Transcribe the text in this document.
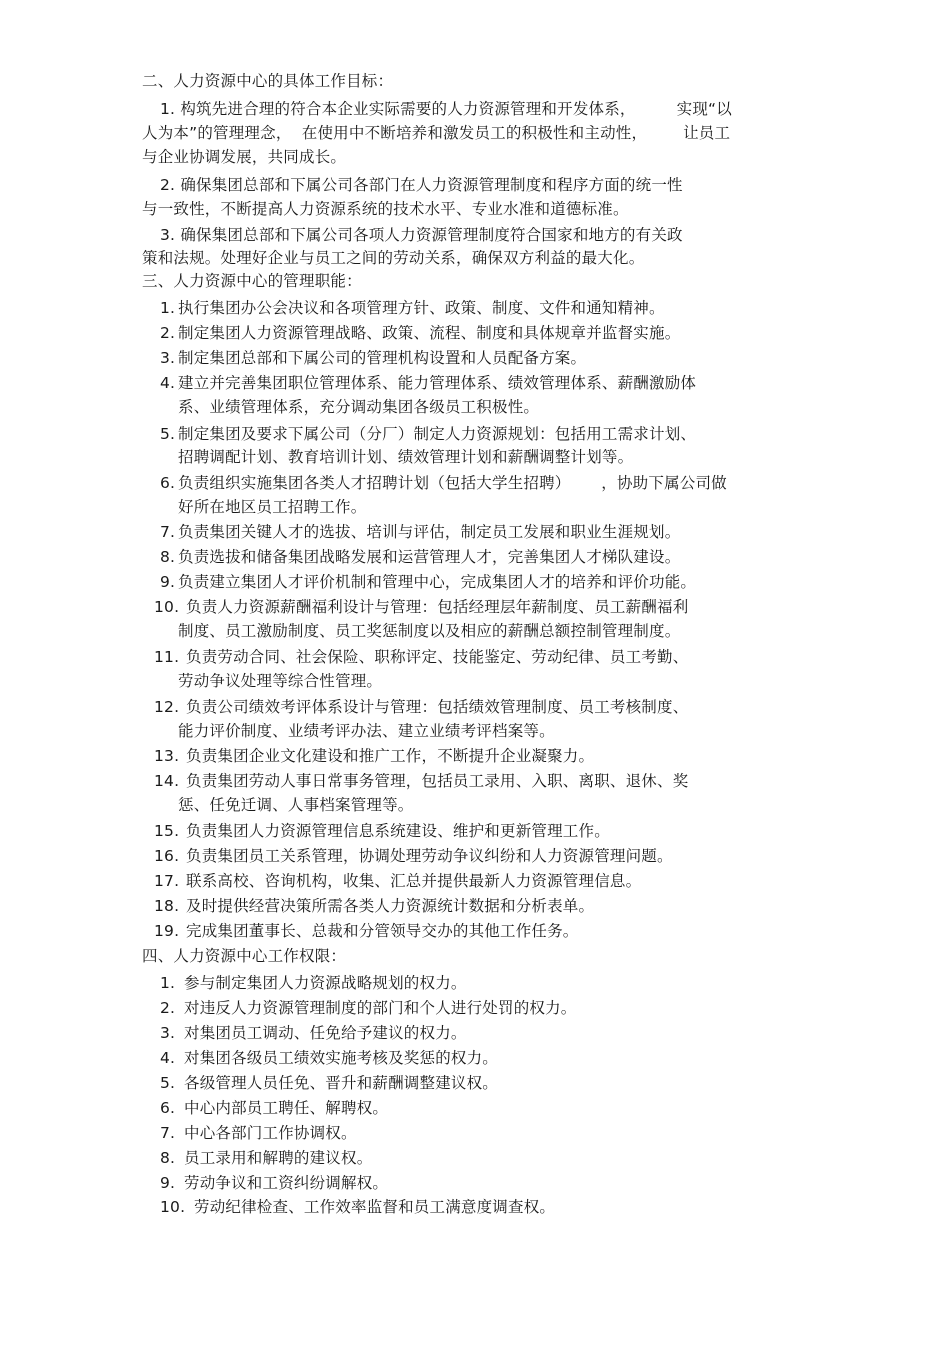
二、人力资源中心的具体工作目标：
1. 构筑先进合理的符合本企业实际需要的人力资源管理和开发体系，        实现“以
人为本”的管理理念，  在使用中不断培养和激发员工的积极性和主动性，       让员工
与企业协调发展，共同成长。
2. 确保集团总部和下属公司各部门在人力资源管理制度和程序方面的统一性
与一致性，不断提高人力资源系统的技术水平、专业水准和道德标准。
3. 确保集团总部和下属公司各项人力资源管理制度符合国家和地方的有关政
策和法规。处理好企业与员工之间的劳动关系，确保双方利益的最大化。
三、人力资源中心的管理职能：
1. 执行集团办公会决议和各项管理方针、政策、制度、文件和通知精神。
2. 制定集团人力资源管理战略、政策、流程、制度和具体规章并监督实施。
3. 制定集团总部和下属公司的管理机构设置和人员配备方案。
4. 建立并完善集团职位管理体系、能力管理体系、绩效管理体系、薪酬激励体
系、业绩管理体系，充分调动集团各级员工积极性。
5. 制定集团及要求下属公司（分厂）制定人力资源规划：包括用工需求计划、
招聘调配计划、教育培训计划、绩效管理计划和薪酬调整计划等。
6. 负责组织实施集团各类人才招聘计划（包括大学生招聘）      ，协助下属公司做
好所在地区员工招聘工作。
7. 负责集团关键人才的选拔、培训与评估，制定员工发展和职业生涯规划。
8. 负责选拔和储备集团战略发展和运营管理人才，完善集团人才梯队建设。
9. 负责建立集团人才评价机制和管理中心，完成集团人才的培养和评价功能。
10. 负责人力资源薪酬福利设计与管理：包括经理层年薪制度、员工薪酬福利
制度、员工激励制度、员工奖惩制度以及相应的薪酬总额控制管理制度。
11. 负责劳动合同、社会保险、职称评定、技能鉴定、劳动纪律、员工考勤、
劳动争议处理等综合性管理。
12. 负责公司绩效考评体系设计与管理：包括绩效管理制度、员工考核制度、
能力评价制度、业绩考评办法、建立业绩考评档案等。
13. 负责集团企业文化建设和推广工作，不断提升企业凝聚力。
14. 负责集团劳动人事日常事务管理，包括员工录用、入职、离职、退休、奖
惩、任免迁调、人事档案管理等。
15. 负责集团人力资源管理信息系统建设、维护和更新管理工作。
16. 负责集团员工关系管理，协调处理劳动争议纠纷和人力资源管理问题。
17. 联系高校、咨询机构，收集、汇总并提供最新人力资源管理信息。
18. 及时提供经营决策所需各类人力资源统计数据和分析表单。
19. 完成集团董事长、总裁和分管领导交办的其他工作任务。
四、人力资源中心工作权限：
1. 参与制定集团人力资源战略规划的权力。
2. 对违反人力资源管理制度的部门和个人进行处罚的权力。
3. 对集团员工调动、任免给予建议的权力。
4. 对集团各级员工绩效实施考核及奖惩的权力。
5. 各级管理人员任免、晋升和薪酬调整建议权。
6. 中心内部员工聘任、解聘权。
7. 中心各部门工作协调权。
8. 员工录用和解聘的建议权。
9. 劳动争议和工资纠纷调解权。
10. 劳动纪律检查、工作效率监督和员工满意度调查权。
